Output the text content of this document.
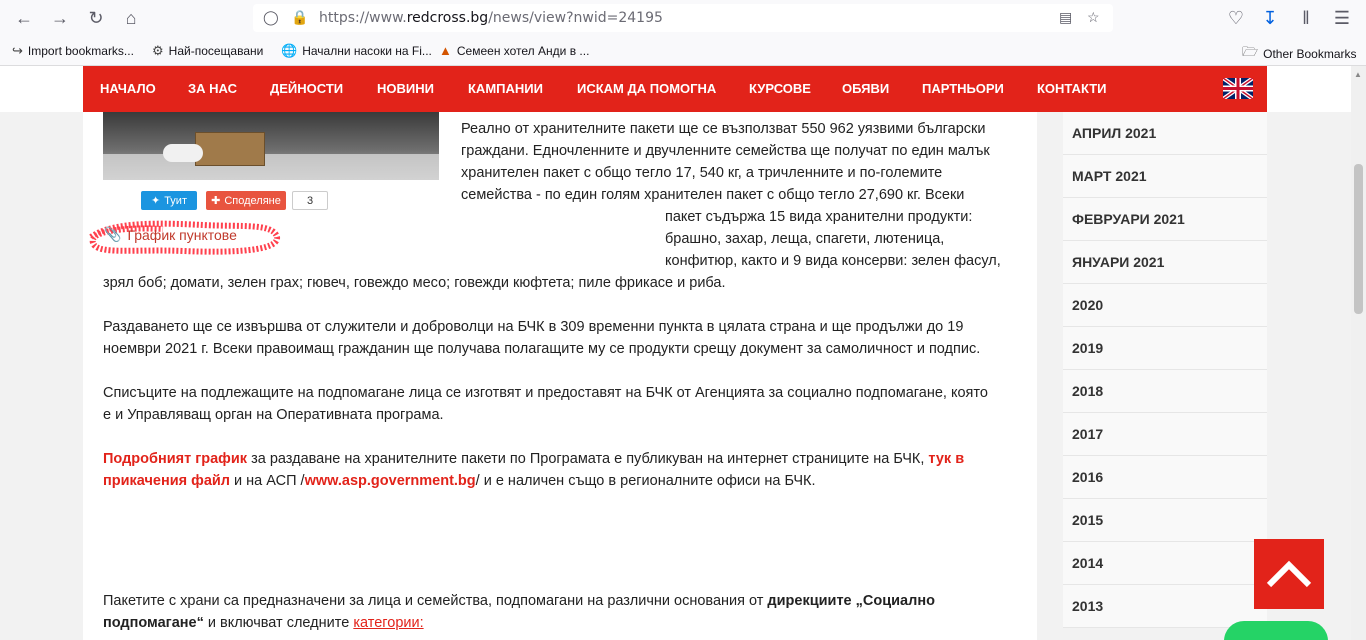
← →	↻	⌂	◯ 🔒 https://www.redcross.bg/news/view?nwid=24195	▤ ☆	♡	↧	‖	☰
↪ Import bookmarks... ⚙ Най-посещавани 🌐 Начални насоки на Fi... ▲ Семеен хотел Анди в ...	🗁 Other Bookmarks
НАЧАЛО ЗА НАС	ДЕЙНОСТИ	НОВИНИ	КАМПАНИИ	ИСКАМ ДА ПОМОГНА	КУРСОВЕ ОБЯВИ	ПАРТНЬОРИ	КОНТАКТИ
✦ Туит ✚ Споделяне	3
📎 График пунктове
Реално от хранителните пакети ще се възползват 550 962 уязвими български
граждани. Едночленните и двучленните семейства ще получат по един малък
хранителен пакет с общо тегло 17, 540 кг, а тричленните и по-големите
семейства - по един голям хранителен пакет с общо тегло 27,690 кг. Всеки
пакет съдържа 15 вида хранителни продукти:
брашно, захар, леща, спагети, лютеница,
конфитюр, както и 9 вида консерви: зелен фасул,
зрял боб; домати, зелен грах; гювеч, говеждо месо; говежди кюфтета; пиле фрикасе и риба.
Раздаването ще се извършва от служители и доброволци на БЧК в 309 временни пункта в цялата страна и ще продължи до 19
ноември 2021 г. Всеки правоимащ гражданин ще получава полагащите му се продукти срещу документ за самоличност и подпис.
Списъците на подлежащите на подпомагане лица се изготвят и предоставят на БЧК от Агенцията за социално подпомагане, която
е и Управляващ орган на Оперативната програма.
Подробният график за раздаване на хранителните пакети по Програмата е публикуван на интернет страниците на БЧК, тук в
прикачения файл и на АСП /www.asp.government.bg/ и е наличен също в регионалните офиси на БЧК.
Пакетите с храни са предназначени за лица и семейства, подпомагани на различни основания от дирекциите „Социално
подпомагане“ и включват следните категории:
АПРИЛ 2021
МАРТ 2021
ФЕВРУАРИ 2021
ЯНУАРИ 2021
2020
2019
2018
2017
2016
2015
2014
2013
▲
